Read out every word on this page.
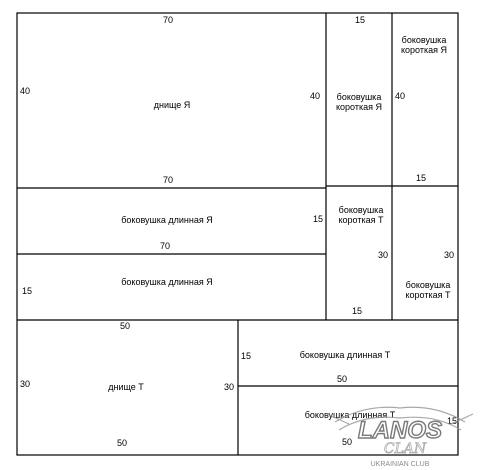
70
40	40
70
днище Я
15
боковушка короткая Я
боковушка короткая Я
40
15
боковушка длинная Я	15
70
15
боковушка длинная Я
боковушка короткая Т
30
15
30
боковушка короткая Т
50
30	30
50
днище Т
15	боковушка длинная Т
50
боковушка длинная Т
15
50 LANOS
CLAN
UKRAINIAN CLUB
